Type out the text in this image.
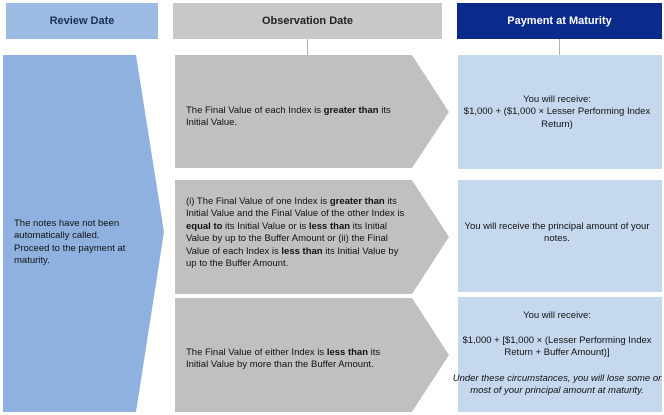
Review Date	Observation Date	Payment at Maturity
The notes have not been automatically called. Proceed to the payment at maturity.
The Final Value of each Index is greater than its Initial Value.
(i) The Final Value of one Index is greater than its Initial Value and the Final Value of the other Index is equal to its Initial Value or is less than its Initial Value by up to the Buffer Amount or (ii) the Final Value of each Index is less than its Initial Value by up to the Buffer Amount.
The Final Value of either Index is less than its Initial Value by more than the Buffer Amount.
You will receive:
$1,000 + ($1,000 × Lesser Performing Index Return)
You will receive the principal amount of your notes.
You will receive:
$1,000 + [$1,000 × (Lesser Performing Index Return + Buffer Amount)]
Under these circumstances, you will lose some or most of your principal amount at maturity.
